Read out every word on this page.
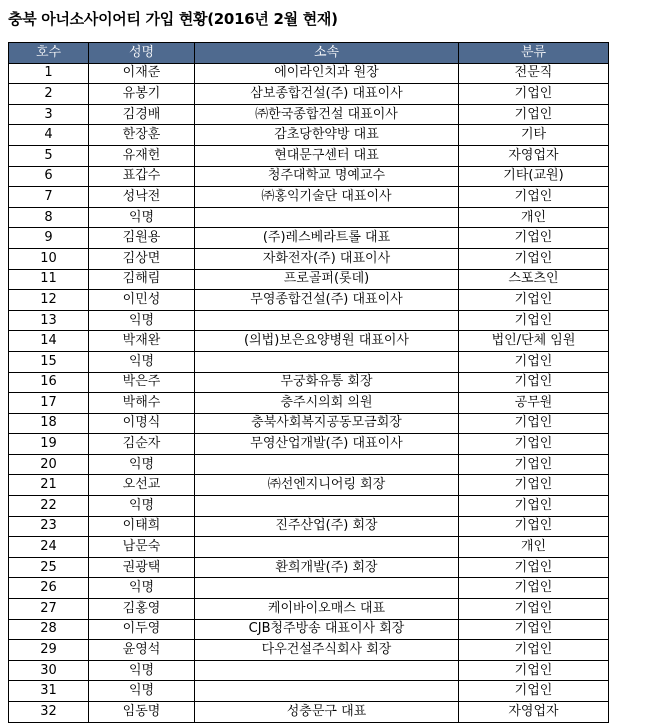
충북 아너소사이어티 가입 현황(2016년 2월 현재)
호수	성명	소속	분류
1	이재준	에이라인치과 원장	전문직
2	유봉기	삼보종합건설(주) 대표이사	기업인
3	김경배	㈜한국종합건설 대표이사	기업인
4	한장훈	감초당한약방 대표	기타
5	유재헌	현대문구센터 대표	자영업자
6	표갑수	청주대학교 명예교수	기타(교원)
7	성낙전	㈜홍익기술단 대표이사	기업인
8	익명		개인
9	김원용	(주)레스베라트롤 대표	기업인
10	김상면	자화전자(주) 대표이사	기업인
11	김해림	프로골퍼(롯데)	스포츠인
12	이민성	무영종합건설(주) 대표이사	기업인
13	익명		기업인
14	박재완	(의법)보은요양병원 대표이사	법인/단체 임원
15	익명		기업인
16	박은주	무궁화유통 회장	기업인
17	박해수	충주시의회 의원	공무원
18	이명식	충북사회복지공동모금회장	기업인
19	김순자	무영산업개발(주) 대표이사	기업인
20	익명		기업인
21	오선교	㈜선엔지니어링 회장	기업인
22	익명		기업인
23	이태희	진주산업(주) 회장	기업인
24	남문숙		개인
25	권광택	환희개발(주) 회장	기업인
26	익명		기업인
27	김홍영	케이바이오매스 대표	기업인
28	이두영	CJB청주방송 대표이사 회장	기업인
29	윤영석	다우건설주식회사 회장	기업인
30	익명		기업인
31	익명		기업인
32	임동명	성충문구 대표	자영업자
